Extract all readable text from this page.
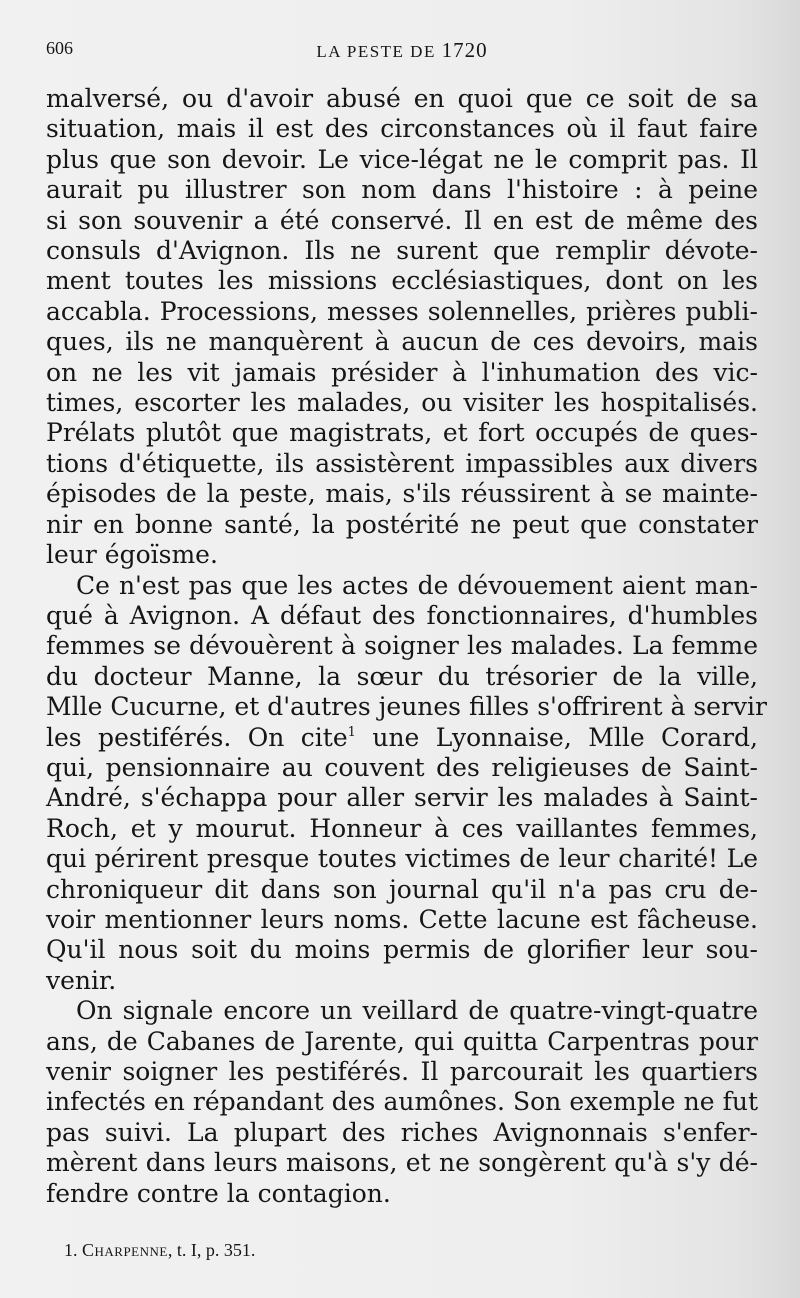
606	LA PESTE DE 1720

malversé, ou d'avoir abusé en quoi que ce soit de sa
situation, mais il est des circonstances où il faut faire
plus que son devoir. Le vice-légat ne le comprit pas. Il
aurait pu illustrer son nom dans l'histoire : à peine
si son souvenir a été conservé. Il en est de même des
consuls d'Avignon. Ils ne surent que remplir dévote-
ment toutes les missions ecclésiastiques, dont on les
accabla. Processions, messes solennelles, prières publi-
ques, ils ne manquèrent à aucun de ces devoirs, mais
on ne les vit jamais présider à l'inhumation des vic-
times, escorter les malades, ou visiter les hospitalisés.
Prélats plutôt que magistrats, et fort occupés de ques-
tions d'étiquette, ils assistèrent impassibles aux divers
épisodes de la peste, mais, s'ils réussirent à se mainte-
nir en bonne santé, la postérité ne peut que constater
leur égoïsme.

Ce n'est pas que les actes de dévouement aient man-
qué à Avignon. A défaut des fonctionnaires, d'humbles
femmes se dévouèrent à soigner les malades. La femme
du docteur Manne, la sœur du trésorier de la ville,
Mlle Cucurne, et d'autres jeunes filles s'offrirent à servir
les pestiférés. On cite$^1$ une Lyonnaise, Mlle Corard,
qui, pensionnaire au couvent des religieuses de Saint-
André, s'échappa pour aller servir les malades à Saint-
Roch, et y mourut. Honneur à ces vaillantes femmes,
qui périrent presque toutes victimes de leur charité! Le
chroniqueur dit dans son journal qu'il n'a pas cru de-
voir mentionner leurs noms. Cette lacune est fâcheuse.
Qu'il nous soit du moins permis de glorifier leur sou-
venir.

On signale encore un veillard de quatre-vingt-quatre
ans, de Cabanes de Jarente, qui quitta Carpentras pour
venir soigner les pestiférés. Il parcourait les quartiers
infectés en répandant des aumônes. Son exemple ne fut
pas suivi. La plupart des riches Avignonnais s'enfer-
mèrent dans leurs maisons, et ne songèrent qu'à s'y dé-
fendre contre la contagion.

1. Charpenne, t. I, p. 351.
